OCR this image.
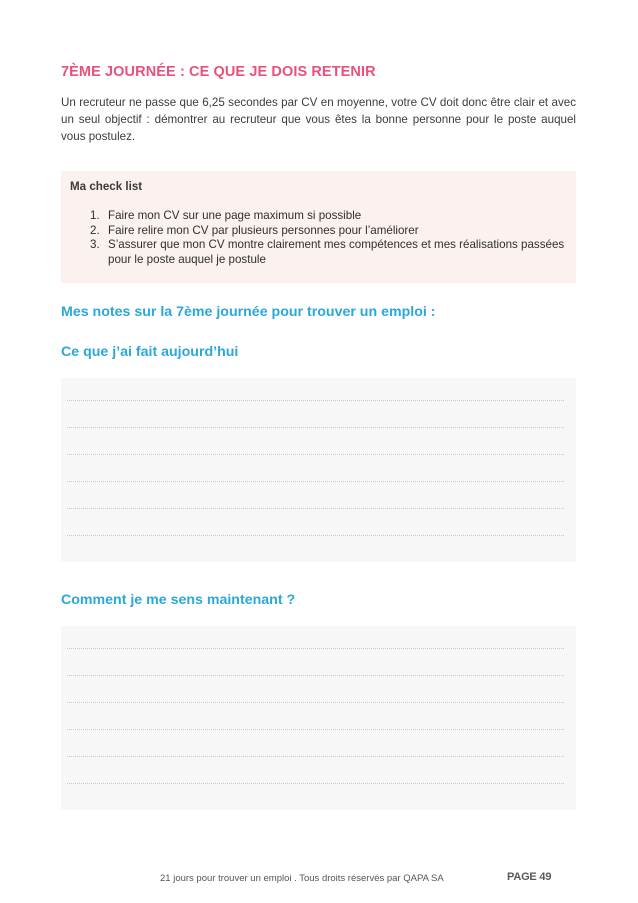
7ÈME JOURNÉE : CE QUE JE DOIS RETENIR
Un recruteur ne passe que 6,25 secondes par CV en moyenne, votre CV doit donc être clair et avec un seul objectif : démontrer au recruteur que vous êtes la bonne personne pour le poste auquel vous postulez.
Ma check list
1. Faire mon CV sur une page maximum si possible
2. Faire relire mon CV par plusieurs personnes pour l’améliorer
3. S’assurer que mon CV montre clairement mes compétences et mes réalisations passées pour le poste auquel je postule
Mes notes sur la 7ème journée pour trouver un emploi :
Ce que j’ai fait aujourd’hui
Comment je me sens maintenant ?
21 jours pour trouver un emploi . Tous droits réservés par QAPA SA	PAGE 49
